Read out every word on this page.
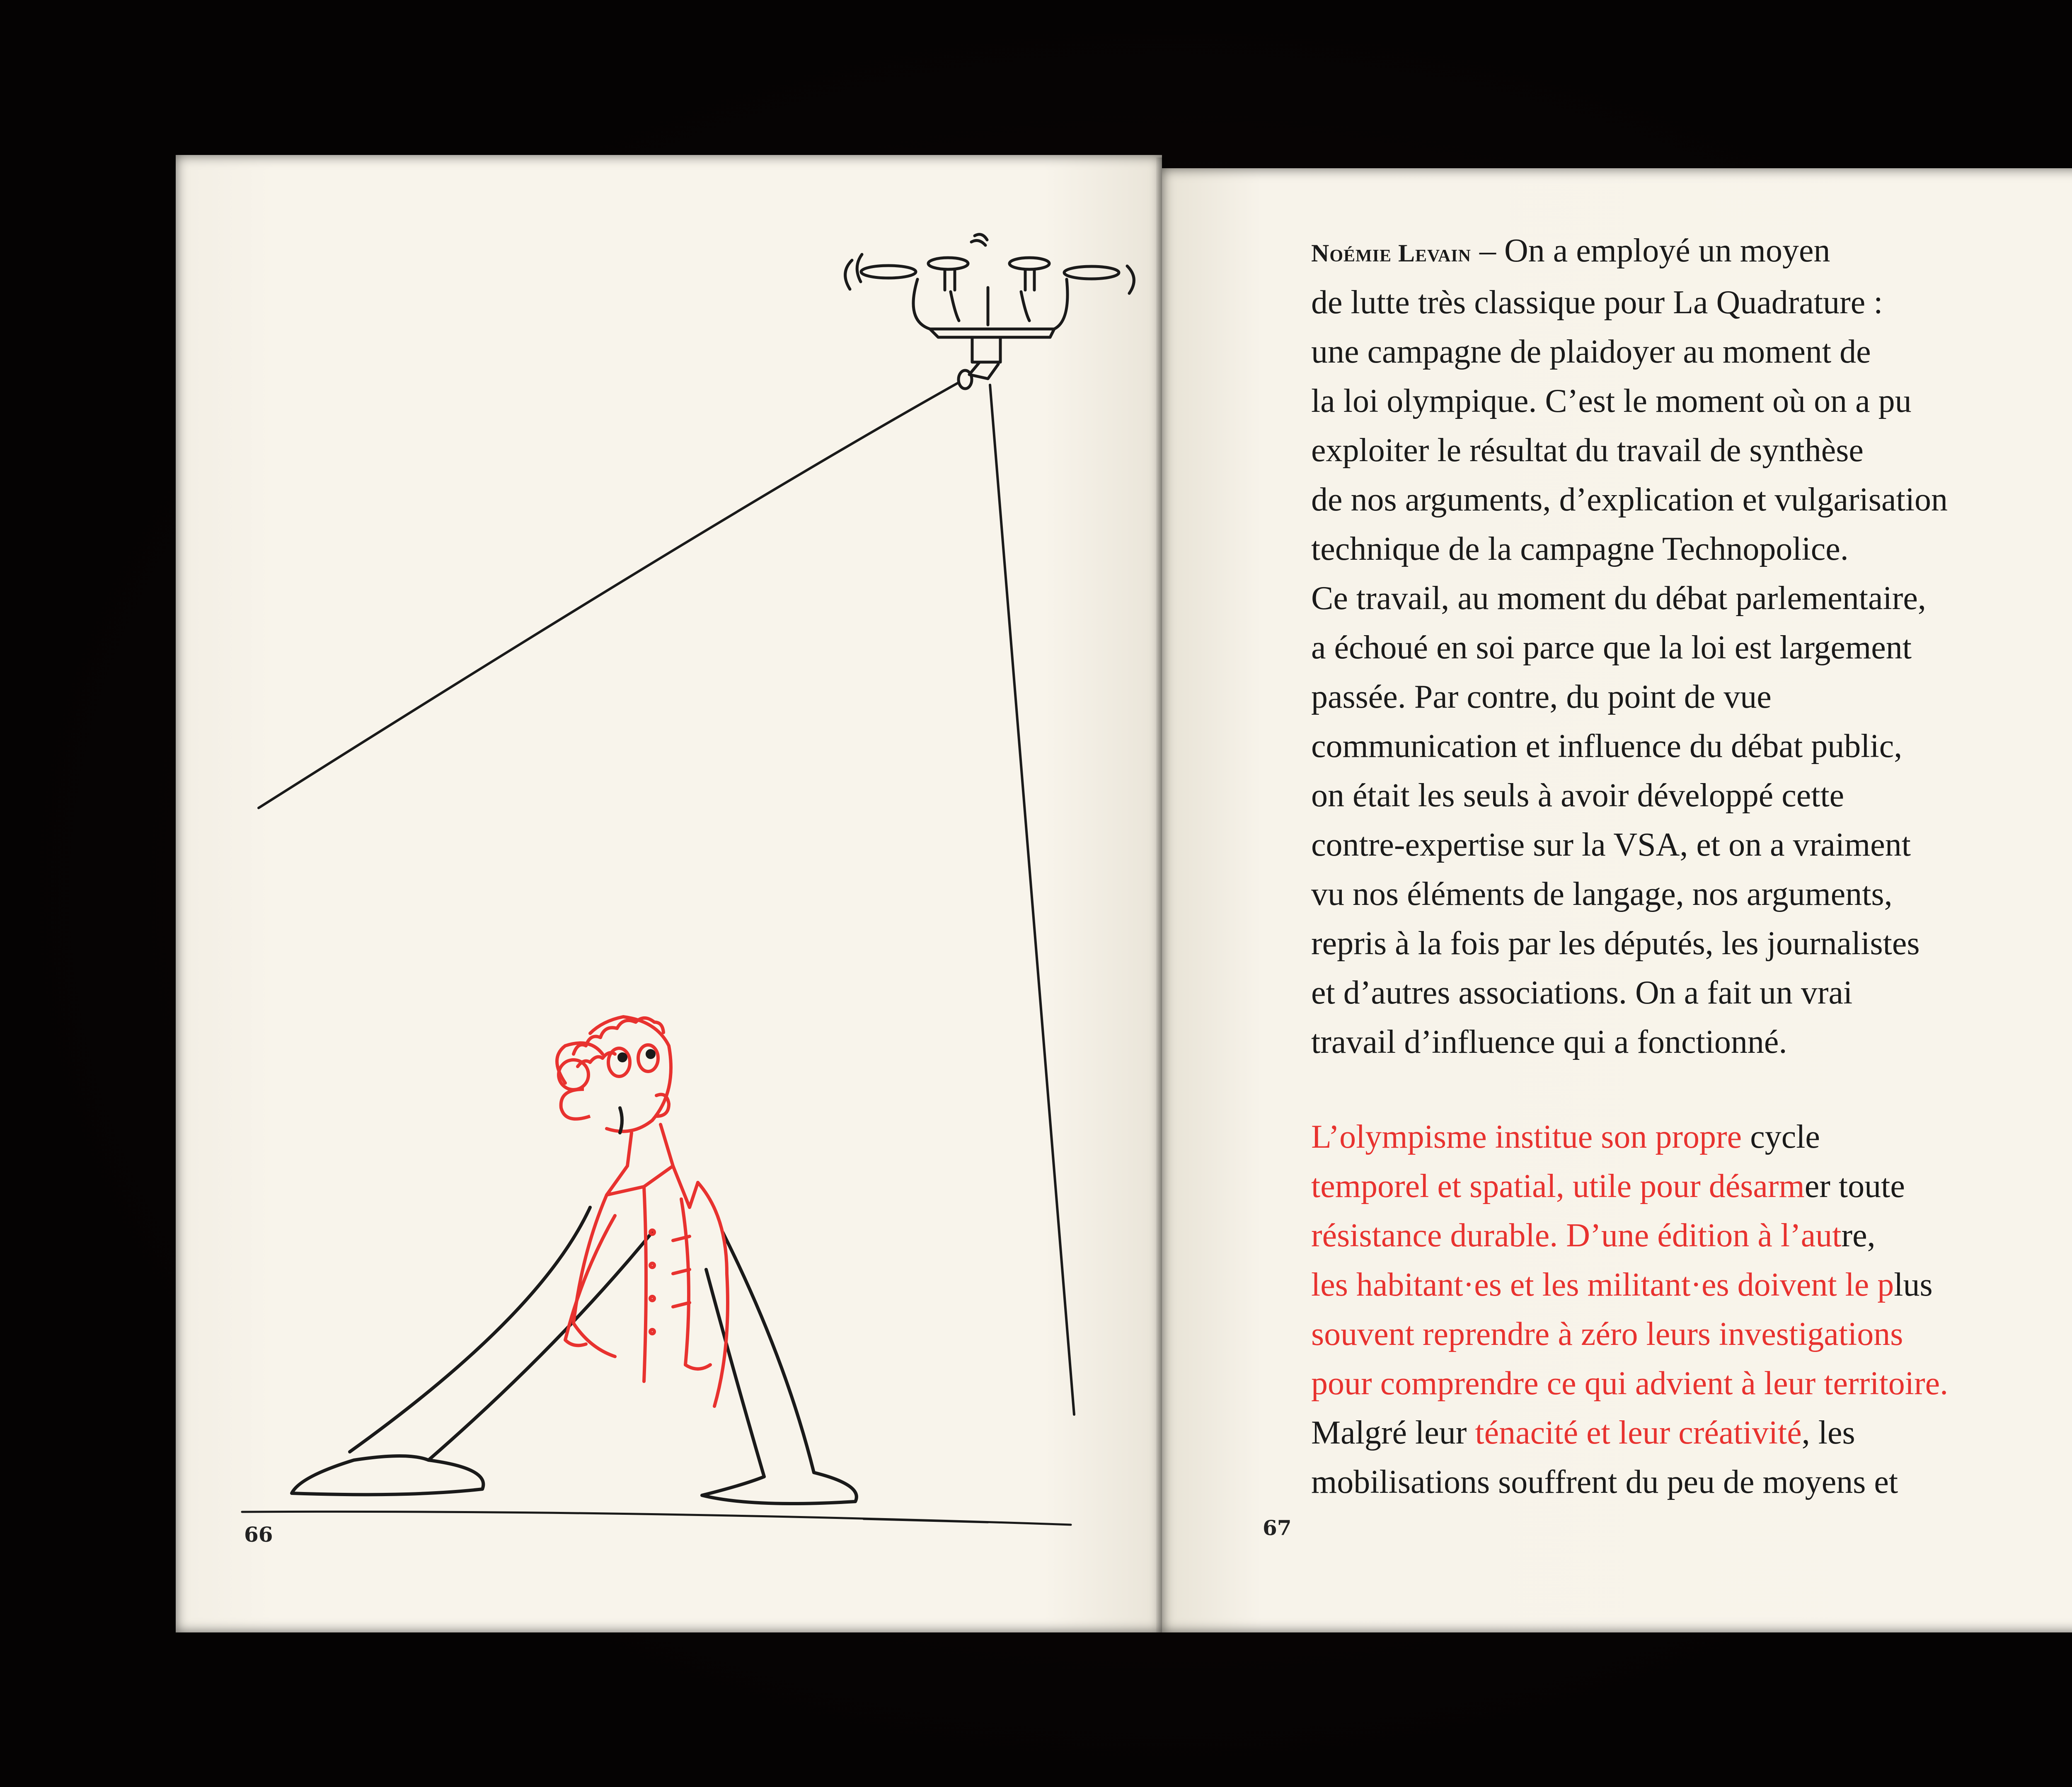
66
Noémie Levain – On a employé un moyen
de lutte très classique pour La Quadrature :
une campagne de plaidoyer au moment de
la loi olympique. C’est le moment où on a pu
exploiter le résultat du travail de synthèse
de nos arguments, d’explication et vulgarisation
technique de la campagne Technopolice.
Ce travail, au moment du débat parlementaire,
a échoué en soi parce que la loi est largement
passée. Par contre, du point de vue
communication et influence du débat public,
on était les seuls à avoir développé cette
contre-expertise sur la VSA, et on a vraiment
vu nos éléments de langage, nos arguments,
repris à la fois par les députés, les journalistes
et d’autres associations. On a fait un vrai
travail d’influence qui a fonctionné.
L’olympisme institue son propre cycle
temporel et spatial, utile pour désarmer toute
résistance durable. D’une édition à l’autre,
les habitant·es et les militant·es doivent le plus
souvent reprendre à zéro leurs investigations
pour comprendre ce qui advient à leur territoire.
Malgré leur ténacité et leur créativité, les
mobilisations souffrent du peu de moyens et
67
